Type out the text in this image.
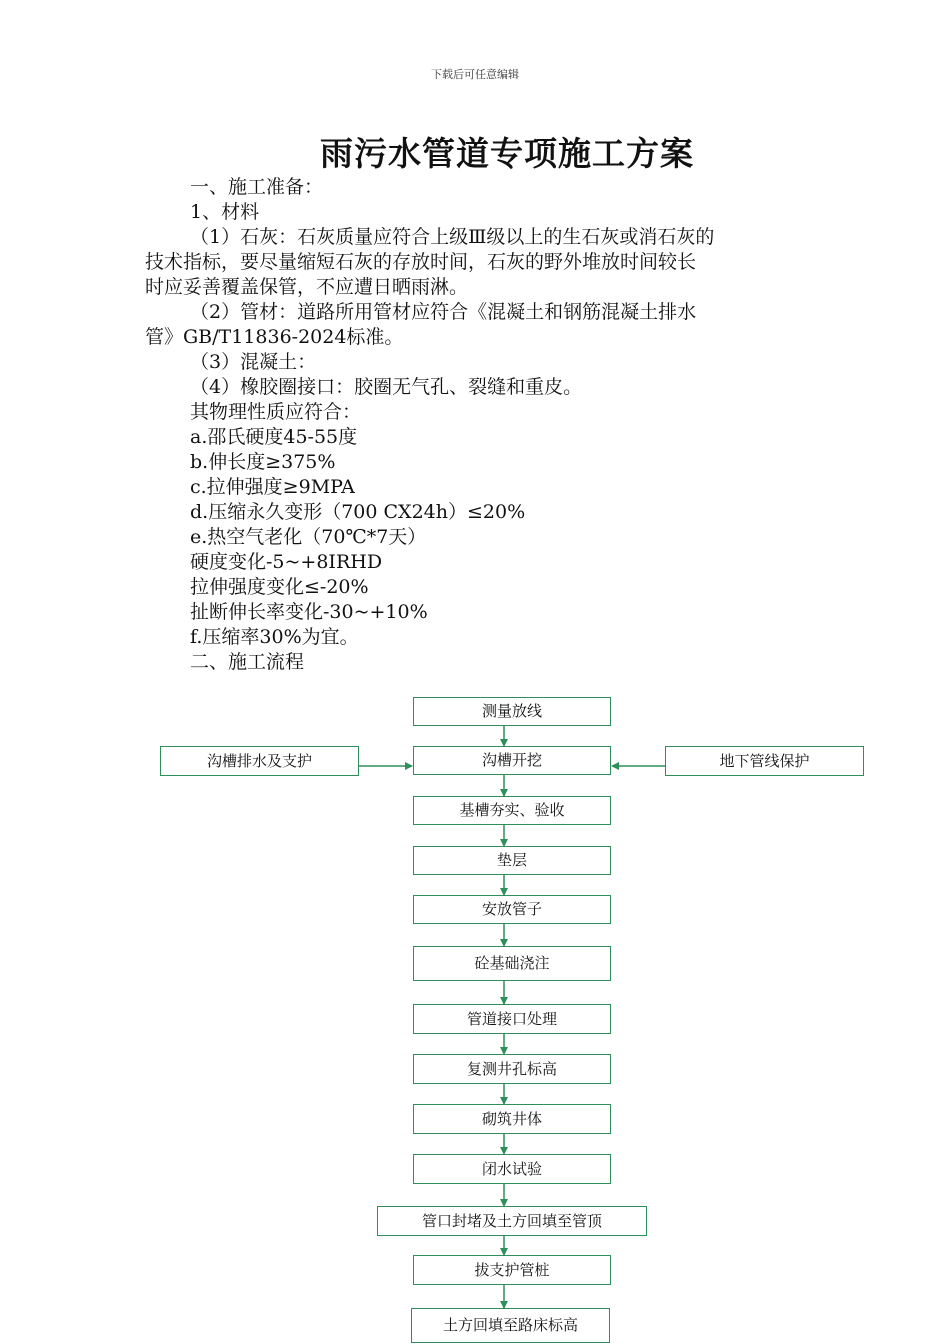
下载后可任意编辑
雨污水管道专项施工方案
一、施工准备：
1、材料
（1）石灰：石灰质量应符合上级Ⅲ级以上的生石灰或消石灰的
技术指标，要尽量缩短石灰的存放时间，石灰的野外堆放时间较长
时应妥善覆盖保管，不应遭日晒雨淋。
（2）管材：道路所用管材应符合《混凝土和钢筋混凝土排水
管》GB/T11836-2024标准。
（3）混凝土：
（4）橡胶圈接口：胶圈无气孔、裂缝和重皮。
其物理性质应符合：
a.邵氏硬度45-55度
b.伸长度≥375%
c.拉伸强度≥9MPA
d.压缩永久变形（700 CX24h）≤20%
e.热空气老化（70℃*7天）
硬度变化-5~+8IRHD
拉伸强度变化≤-20%
扯断伸长率变化-30~+10%
f.压缩率30%为宜。
二、施工流程
测量放线
沟槽开挖
沟槽排水及支护	地下管线保护
基槽夯实、验收
垫层
安放管子
砼基础浇注
管道接口处理
复测井孔标高
砌筑井体
闭水试验
管口封堵及土方回填至管顶
拔支护管桩
土方回填至路床标高
